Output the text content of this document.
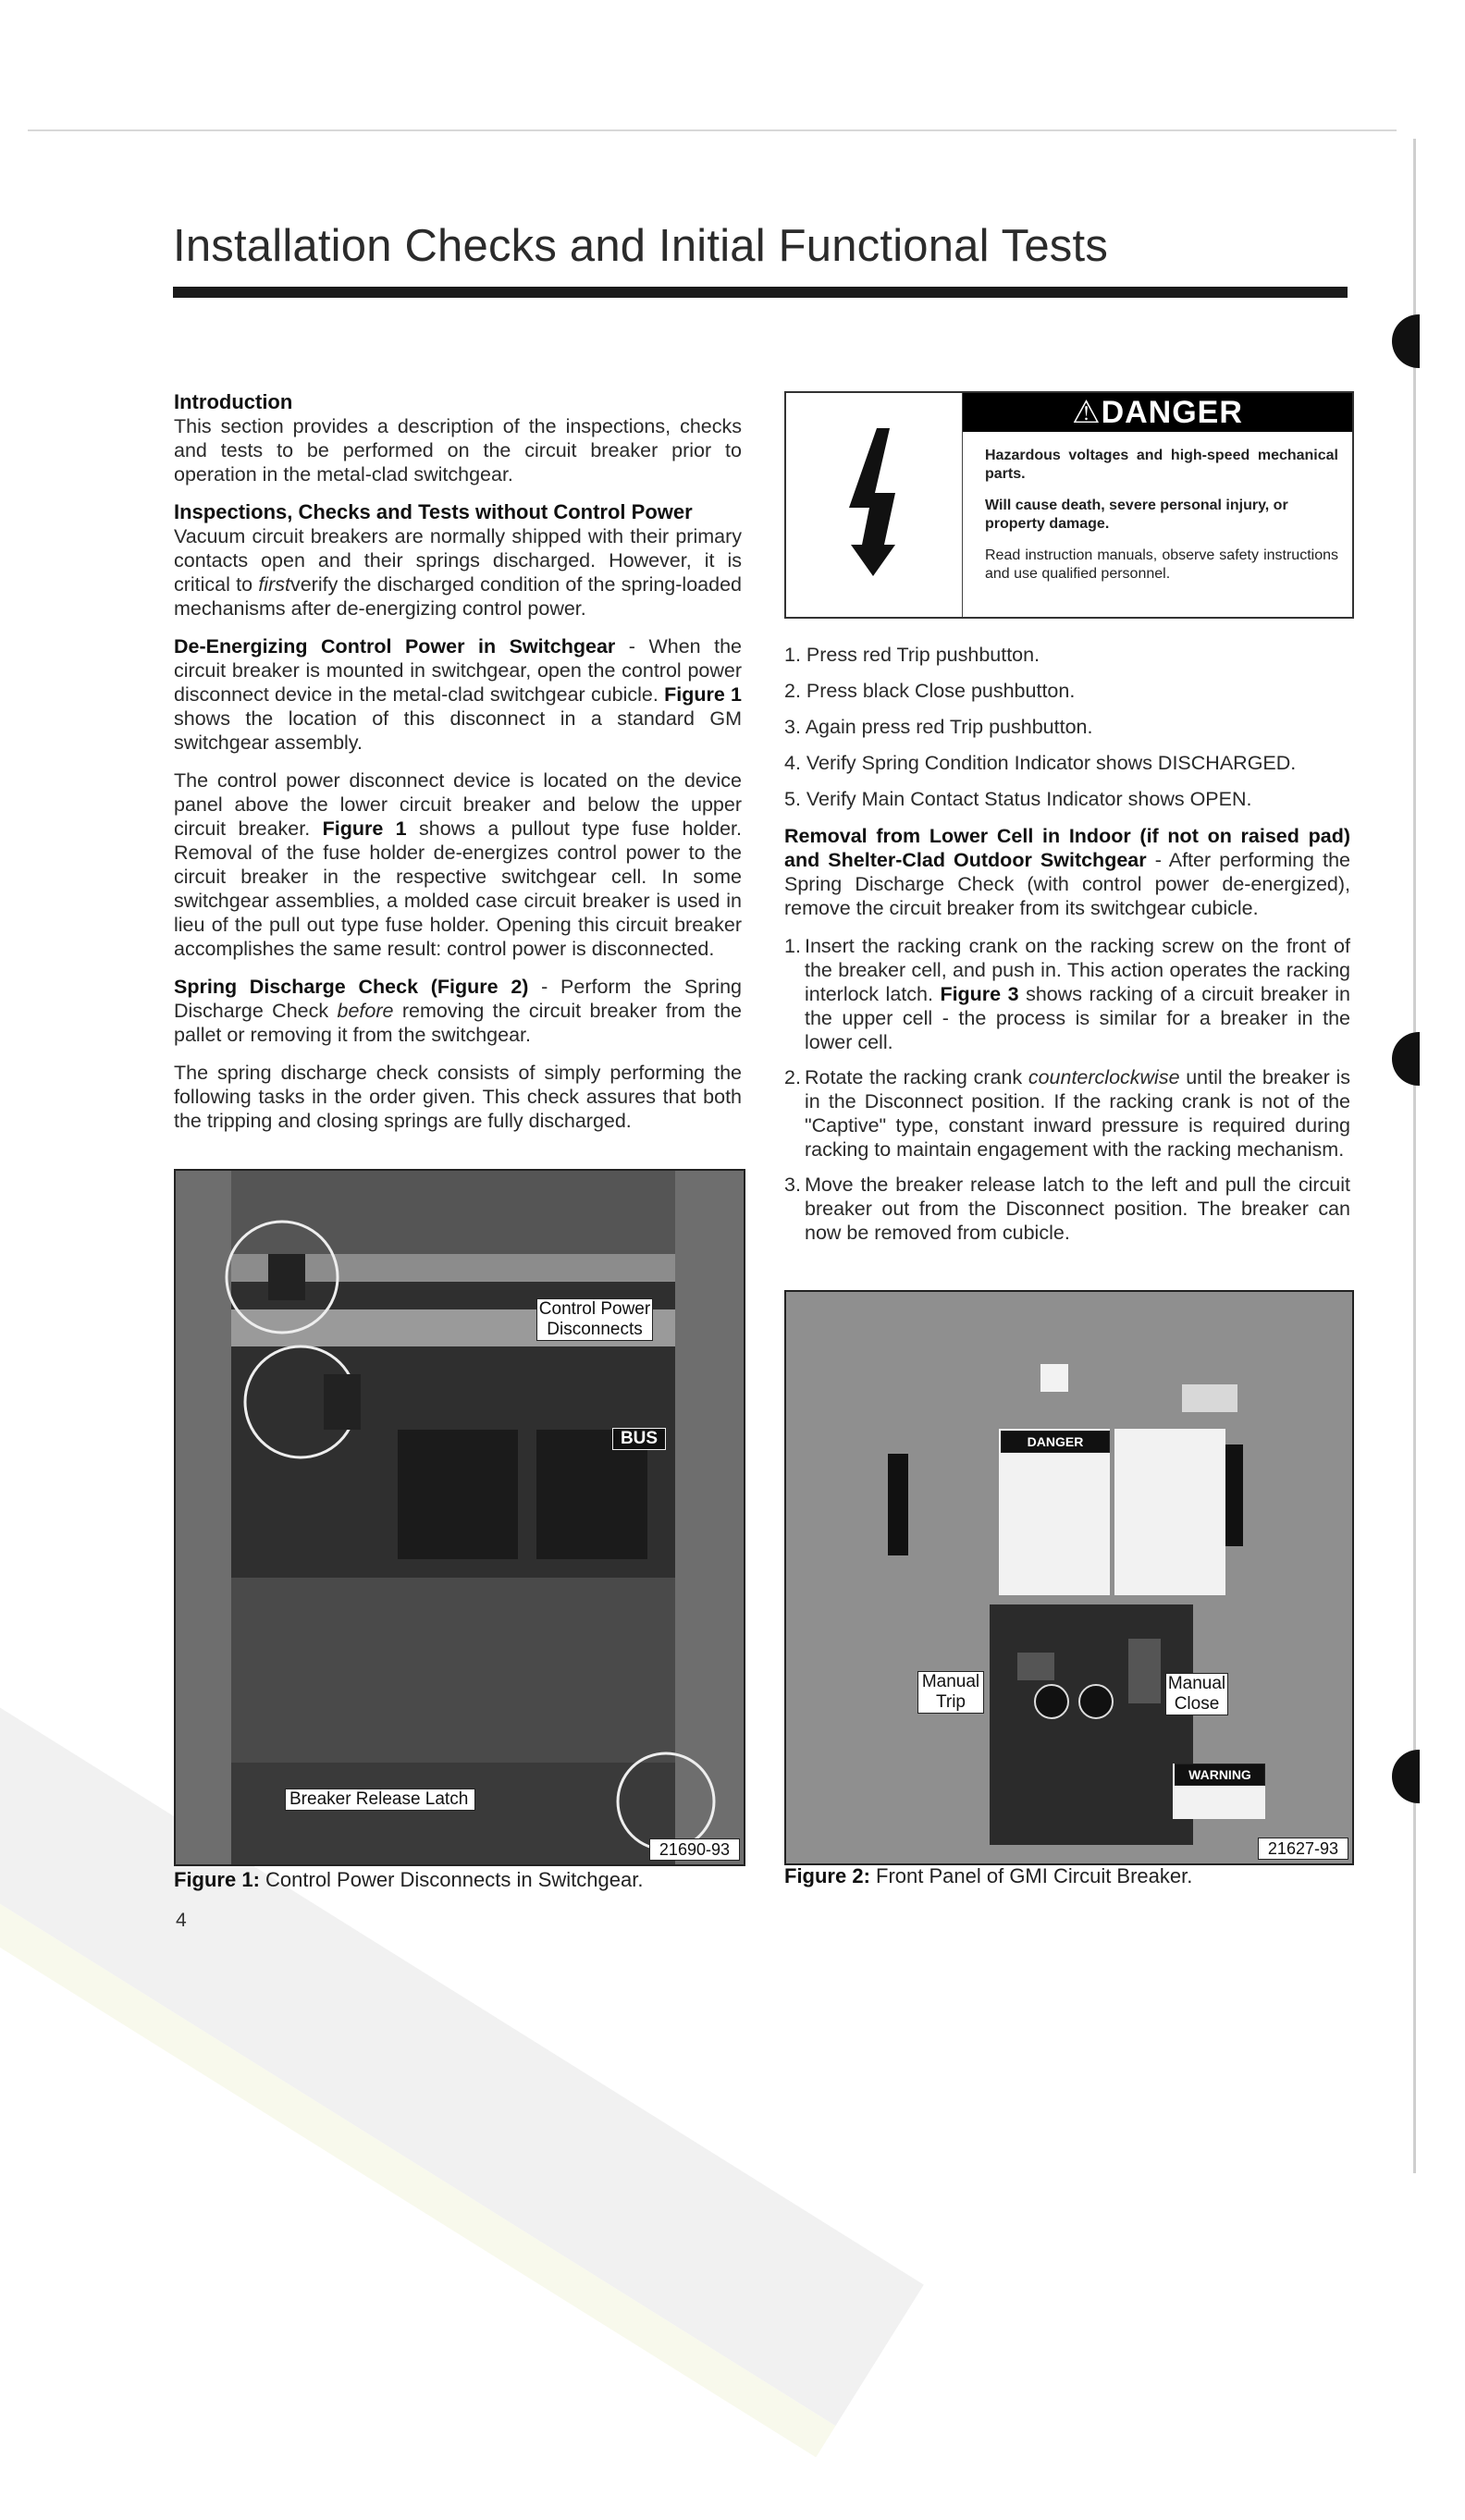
Installation Checks and Initial Functional Tests
Introduction

This section provides a description of the inspections, checks and tests to be performed on the circuit breaker prior to operation in the metal-clad switchgear.

Inspections, Checks and Tests without Control Power

Vacuum circuit breakers are normally shipped with their primary contacts open and their springs discharged. However, it is critical to firstverify the discharged condition of the spring-loaded mechanisms after de-energizing control power.

De-Energizing Control Power in Switchgear - When the circuit breaker is mounted in switchgear, open the control power disconnect device in the metal-clad switchgear cubicle. Figure 1 shows the location of this disconnect in a standard GM switchgear assembly.

The control power disconnect device is located on the device panel above the lower circuit breaker and below the upper circuit breaker. Figure 1 shows a pullout type fuse holder. Removal of the fuse holder de-energizes control power to the circuit breaker in the respective switchgear cell. In some switchgear assemblies, a molded case circuit breaker is used in lieu of the pull out type fuse holder. Opening this circuit breaker accomplishes the same result: control power is disconnected.

Spring Discharge Check (Figure 2) - Perform the Spring Discharge Check before removing the circuit breaker from the pallet or removing it from the switchgear.

The spring discharge check consists of simply performing the following tasks in the order given. This check assures that both the tripping and closing springs are fully discharged.

⚠DANGER
Hazardous voltages and high-speed mechanical parts.
Will cause death, severe personal injury, or property damage.
Read instruction manuals, observe safety instructions and use qualified personnel.
1. Press red Trip pushbutton.
2. Press black Close pushbutton.
3. Again press red Trip pushbutton.
4. Verify Spring Condition Indicator shows DISCHARGED.
5. Verify Main Contact Status Indicator shows OPEN.

Removal from Lower Cell in Indoor (if not on raised pad) and Shelter-Clad Outdoor Switchgear - After performing the Spring Discharge Check (with control power de-energized), remove the circuit breaker from its switchgear cubicle.

1. Insert the racking crank on the racking screw on the front of the breaker cell, and push in. This action operates the racking interlock latch. Figure 3 shows racking of a circuit breaker in the upper cell - the process is similar for a breaker in the lower cell.
2. Rotate the racking crank counterclockwise until the breaker is in the Disconnect position. If the racking crank is not of the "Captive" type, constant inward pressure is required during racking to maintain engagement with the racking mechanism.
3. Move the breaker release latch to the left and pull the circuit breaker out from the Disconnect position. The breaker can now be removed from cubicle.
Control Power Disconnects
BUS
Breaker Release Latch
21690-93
Figure 1: Control Power Disconnects in Switchgear.
DANGER
WARNING
Manual Trip
Manual Close
21627-93
Figure 2: Front Panel of GMI Circuit Breaker.
4
